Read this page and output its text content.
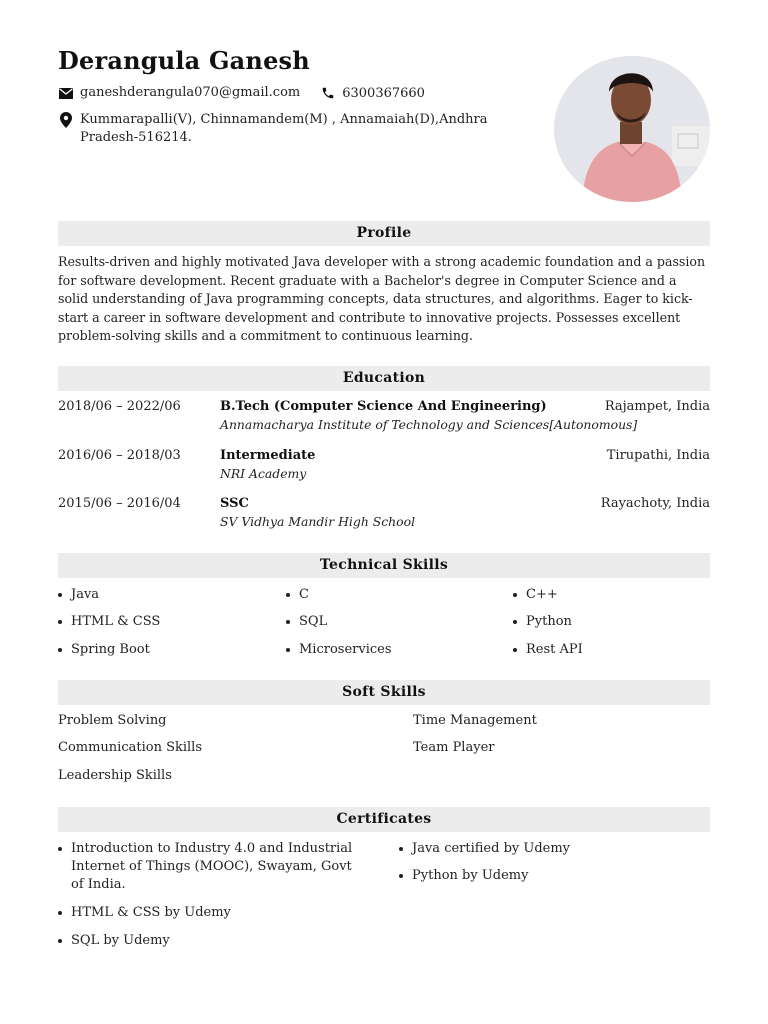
Derangula Ganesh
ganeshderangula070@gmail.com	6300367660
Kummarapalli(V), Chinnamandem(M) , Annamaiah(D),Andhra Pradesh-516214.
Profile
Results-driven and highly motivated Java developer with a strong academic foundation and a passion for software development. Recent graduate with a Bachelor's degree in Computer Science and a solid understanding of Java programming concepts, data structures, and algorithms. Eager to kick-start a career in software development and contribute to innovative projects. Possesses excellent problem-solving skills and a commitment to continuous learning.
Education
2018/06 – 2022/06	B.Tech (Computer Science And Engineering)
Annamacharya Institute of Technology and Sciences[Autonomous]
Rajampet, India
2016/06 – 2018/03	Intermediate
NRI Academy
Tirupathi, India
2015/06 – 2016/04	SSC
SV Vidhya Mandir High School
Rayachoty, India
Technical Skills
Java	C	C++
HTML & CSS	SQL	Python
Spring Boot	Microservices	Rest API
Soft Skills
Problem Solving	Time Management
Communication Skills	Team Player
Leadership Skills
Certificates
Introduction to Industry 4.0 and Industrial Internet of Things (MOOC), Swayam, Govt of India.
Java certified by Udemy
Python by Udemy
HTML & CSS by Udemy
SQL by Udemy
